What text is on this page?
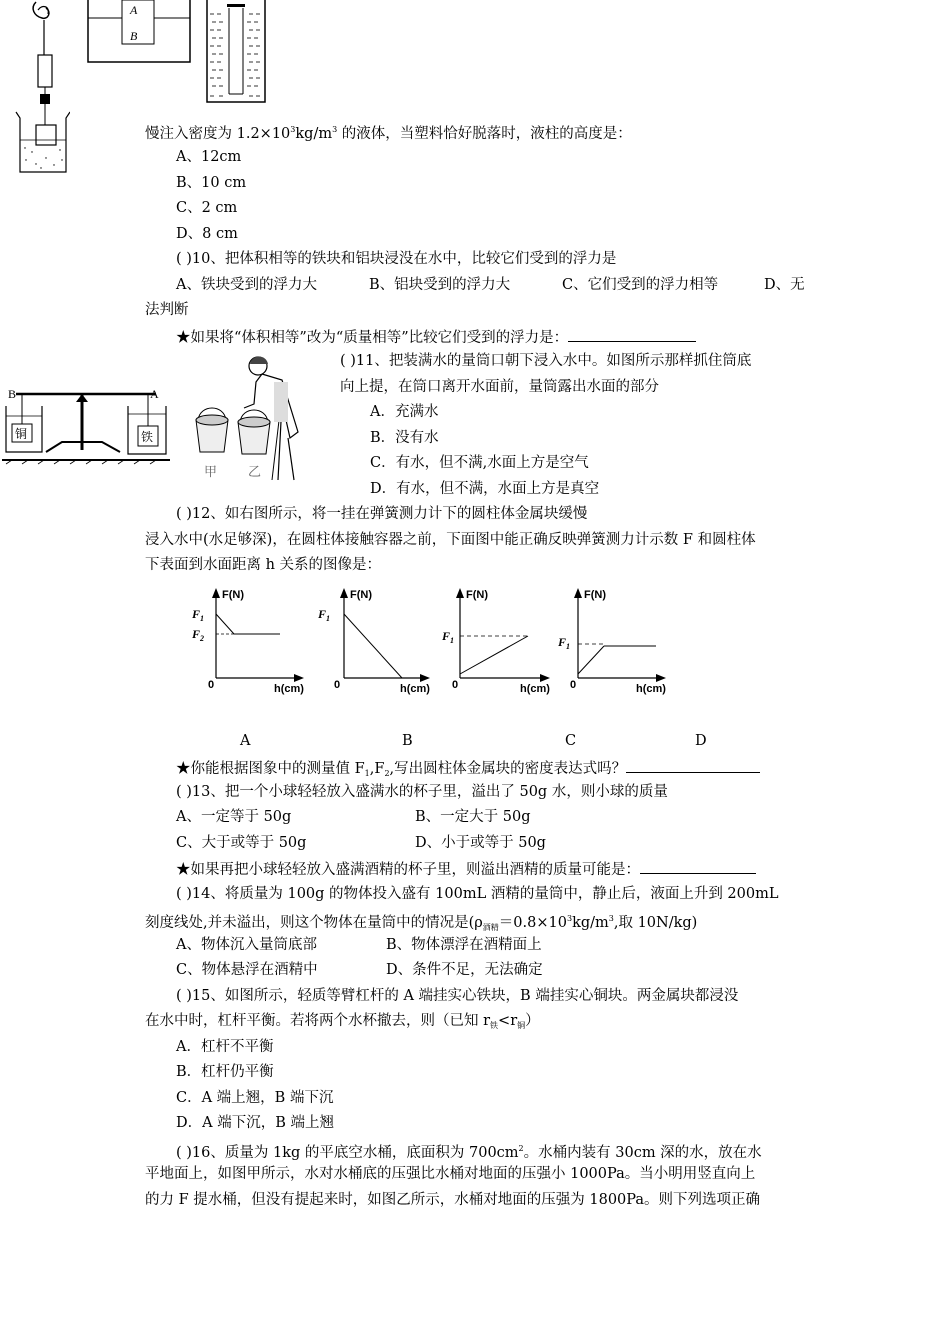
A
B
慢注入密度为 $1.2\times 10^3kg/m^3$ 的液体，当塑料恰好脱落时，液柱的高度是：
A、12cm
B、10 cm
C、2 cm
D、8 cm
( )10、把体积相等的铁块和铝块浸没在水中，比较它们受到的浮力是
A、铁块受到的浮力大	B、铝块受到的浮力大	C、它们受到的浮力相等	D、无
法判断
★如果将“体积相等”改为“质量相等”比较它们受到的浮力是：
B	A
铜	铁
甲 乙
( )11、把装满水的量筒口朝下浸入水中。如图所示那样抓住筒底
向上提，在筒口离开水面前，量筒露出水面的部分
A．充满水
B．没有水
C．有水，但不满,水面上方是空气
D．有水，但不满，水面上方是真空
( )12、如右图所示，将一挂在弹簧测力计下的圆柱体金属块缓慢
浸入水中(水足够深)，在圆柱体接触容器之前，下面图中能正确反映弹簧测力计示数 F 和圆柱体
下表面到水面距离 h 关系的图像是：
F(N)
$F_1$
$F_2$
0	h(cm)
F(N)
$F_1$
0	h(cm)
F(N)
$F_1$
0	h(cm)
F(N)
$F_1$
0	h(cm)
A	B	C	D
★你能根据图象中的测量值 $F_1,F_2$,写出圆柱体金属块的密度表达式吗？
( )13、把一个小球轻轻放入盛满水的杯子里，溢出了 50g 水，则小球的质量
A、一定等于 50g	B、一定大于 50g
C、大于或等于 50g	D、小于或等于 50g
★如果再把小球轻轻放入盛满酒精的杯子里，则溢出酒精的质量可能是：
( )14、将质量为 100g 的物体投入盛有 100mL 酒精的量筒中，静止后，液面上升到 200mL
刻度线处,并未溢出，则这个物体在量筒中的情况是($\rho_{酒精}=0.8\times 10^3kg/m^3$,取 10N/kg)
A、物体沉入量筒底部	B、物体漂浮在酒精面上
C、物体悬浮在酒精中	D、条件不足，无法确定
( )15、如图所示，轻质等臂杠杆的 A 端挂实心铁块，B 端挂实心铜块。两金属块都浸没
在水中时，杠杆平衡。若将两个水杯撤去，则（已知 $r_铁<r_铜$）
A．杠杆不平衡
B．杠杆仍平衡
C．A 端上翘，B 端下沉
D．A 端下沉，B 端上翘
( )16、质量为 1kg 的平底空水桶，底面积为 $700cm^2$。水桶内装有 30cm 深的水，放在水
平地面上，如图甲所示，水对水桶底的压强比水桶对地面的压强小 1000Pa。当小明用竖直向上
的力 F 提水桶，但没有提起来时，如图乙所示，水桶对地面的压强为 1800Pa。则下列选项正确
